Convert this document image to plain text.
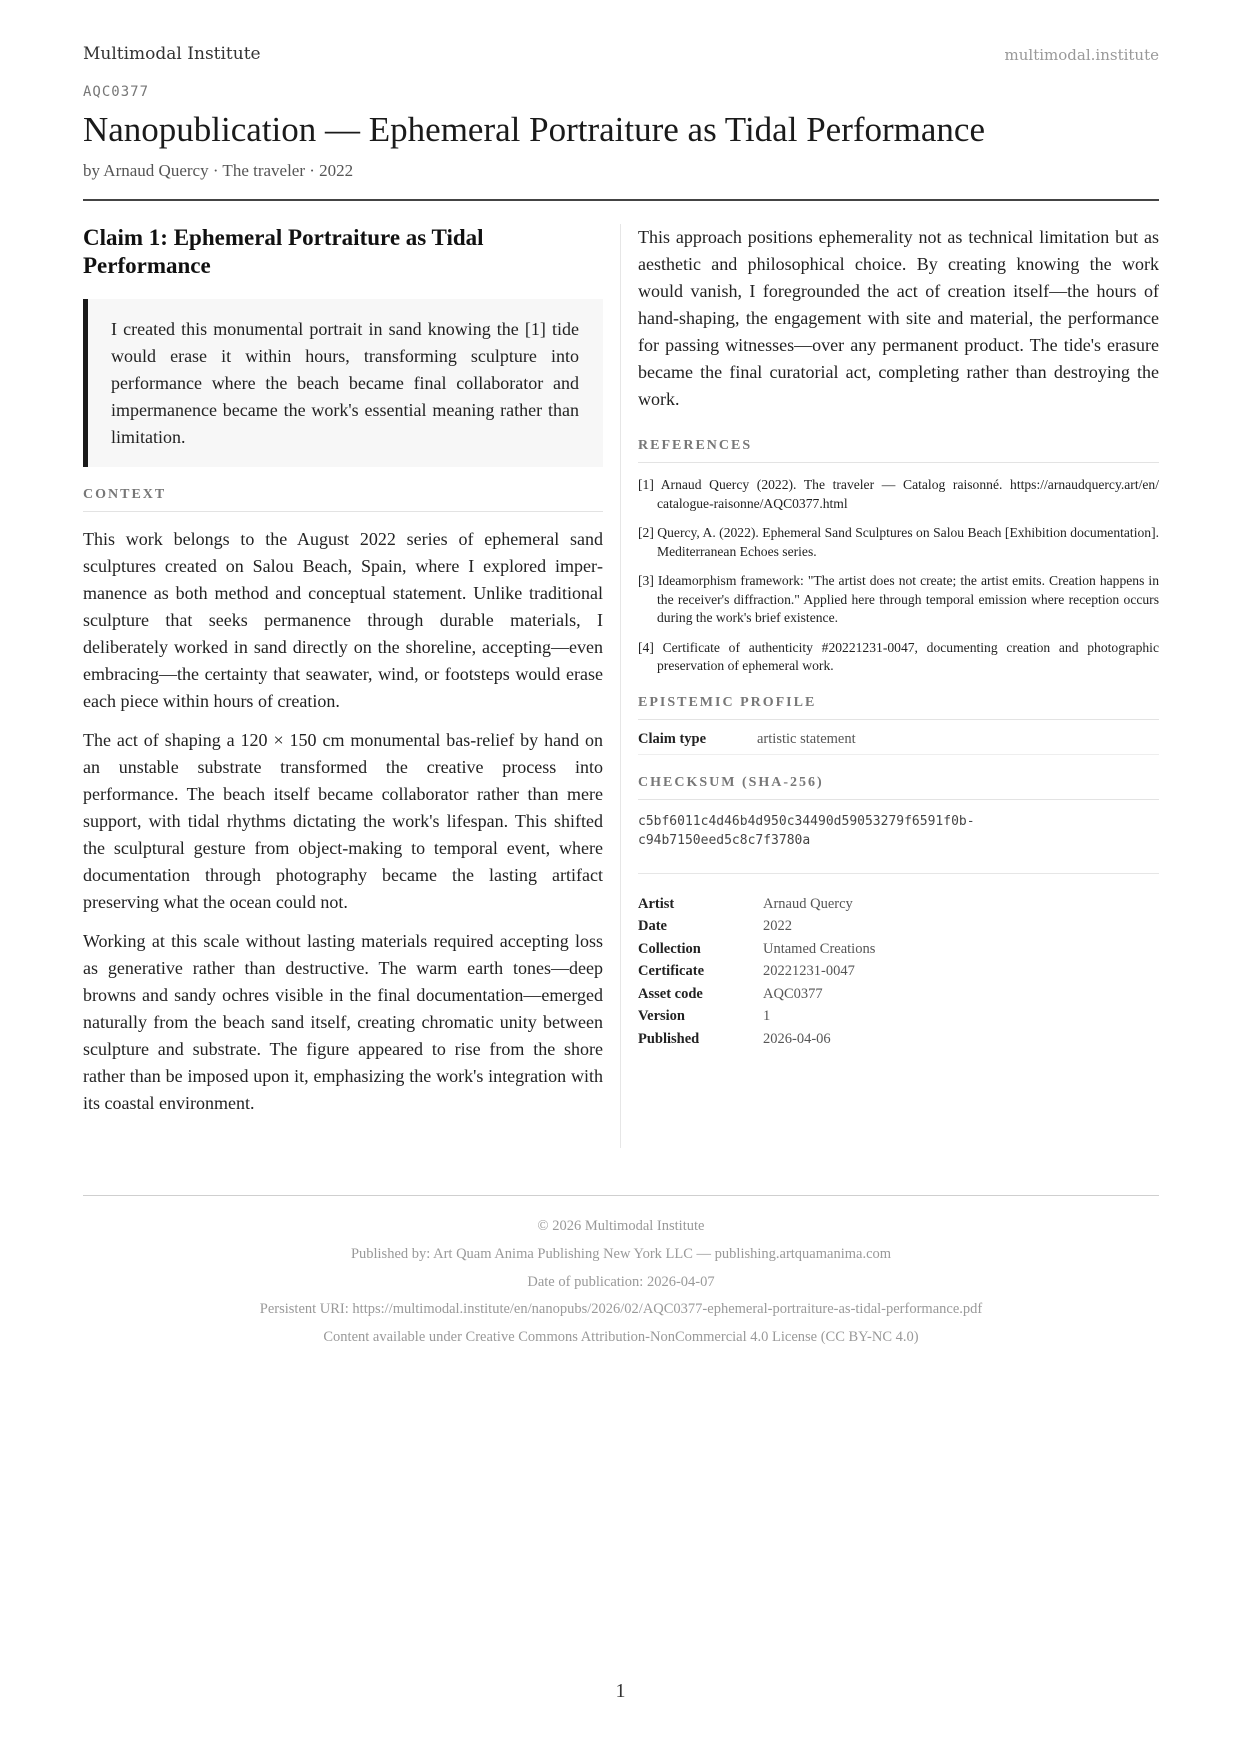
Multimodal Institute	multimodal.institute
AQC0377
Nanopublication — Ephemeral Portraiture as Tidal Performance
by Arnaud Quercy · The traveler · 2022
Claim 1: Ephemeral Portraiture as Tidal
Performance

I created this monumental portrait in sand knowing the [1] tide would erase it within hours, transforming sculpture into performance where the beach became final collaborator and impermanence became the work's essential meaning rather than limitation.

CONTEXT

This work belongs to the August 2022 series of ephemeral sand sculptures created on Salou Beach, Spain, where I explored impermanence as both method and conceptual statement. Unlike traditional sculpture that seeks permanence through durable materials, I deliberately worked in sand directly on the shoreline, accepting—even embracing—the certainty that seawater, wind, or footsteps would erase each piece within hours of creation.

The act of shaping a 120 × 150 cm monumental bas-relief by hand on an unstable substrate transformed the creative process into performance. The beach itself became collaborator rather than mere support, with tidal rhythms dictating the work's lifespan. This shifted the sculptural gesture from object-making to temporal event, where documentation through photography became the lasting artifact preserving what the ocean could not.

Working at this scale without lasting materials required accepting loss as generative rather than destructive. The warm earth tones—deep browns and sandy ochres visible in the final documentation—emerged naturally from the beach sand itself, creating chromatic unity between sculpture and substrate. The figure appeared to rise from the shore rather than be imposed upon it, emphasizing the work's integration with its coastal environment.

This approach positions ephemerality not as technical limitation but as aesthetic and philosophical choice. By creating knowing the work would vanish, I foregrounded the act of creation itself—the hours of hand-shaping, the engagement with site and material, the performance for passing witnesses—over any permanent product. The tide's erasure became the final curatorial act, completing rather than destroying the work.

REFERENCES
[1] Arnaud Quercy (2022). The traveler — Catalog raisonné. https://arnaudquercy.art/en/ catalogue-raisonne/AQC0377.html
[2] Quercy, A. (2022). Ephemeral Sand Sculptures on Salou Beach [Exhibition documentation]. Mediterranean Echoes series.
[3] Ideamorphism framework: "The artist does not create; the artist emits. Creation happens in the receiver's diffraction." Applied here through temporal emission where reception occurs during the work's brief existence.
[4] Certificate of authenticity #20221231-0047, documenting creation and photographic preservation of ephemeral work.
EPISTEMIC PROFILE
Claim type	artistic statement
CHECKSUM (SHA-256)
c5bf6011c4d46b4d950c34490d59053279f6591f0b-
c94b7150eed5c8c7f3780a
Artist	Arnaud Quercy
Date	2022
Collection	Untamed Creations
Certificate	20221231-0047
Asset code	AQC0377
Version	1
Published	2026-04-06
© 2026 Multimodal Institute
Published by: Art Quam Anima Publishing New York LLC — publishing.artquamanima.com
Date of publication: 2026-04-07
Persistent URI: https://multimodal.institute/en/nanopubs/2026/02/AQC0377-ephemeral-portraiture-as-tidal-performance.pdf
Content available under Creative Commons Attribution-NonCommercial 4.0 License (CC BY-NC 4.0)
1
